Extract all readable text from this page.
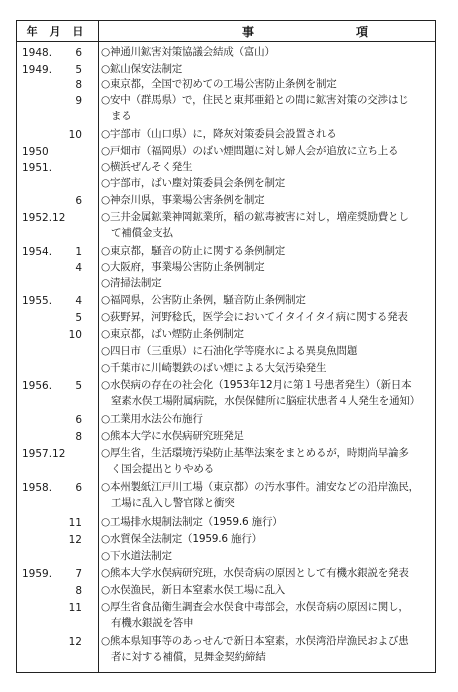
年 月 日	事	項
1948.	6 ○神通川鉱害対策協議会結成（富山）
1949.	5 ○鉱山保安法制定
8 ○東京都，全国で初めての工場公害防止条例を制定
9 ○安中（群馬県）で，住民と東邦亜鉛との間に鉱害対策の交渉はじ
まる
10 ○宇部市（山口県）に，降灰対策委員会設置される
1950	○戸畑市（福岡県）のばい煙問題に対し婦人会が追放に立ち上る
1951.	○横浜ぜんそく発生
○宇部市，ばい塵対策委員会条例を制定
6 ○神奈川県，事業場公害条例を制定
1952.12	○三井金属鉱業神岡鉱業所，稲の鉱毒被害に対し，増産奨励費とし
て補償金支払
1954.	1 ○東京都，騒音の防止に関する条例制定
4 ○大阪府，事業場公害防止条例制定
○清掃法制定
1955.	4 ○福岡県，公害防止条例，騒音防止条例制定
5 ○荻野昇，河野稔氏，医学会においてイタイイタイ病に関する発表
10 ○東京都，ばい煙防止条例制定
○四日市（三重県）に石油化学等廃水による異臭魚問題
○千葉市に川崎製鉄のばい煙による大気汚染発生
1956.	5 ○水俣病の存在の社会化（1953年12月に第１号患者発生）（新日本
窒素水俣工場附属病院，水俣保健所に脳症状患者４人発生を通知）
6 ○工業用水法公布施行
8 ○熊本大学に水俣病研究班発足
1957.12	○厚生省，生活環境汚染防止基準法案をまとめるが，時期尚早論多
く国会提出とりやめる
1958.	6 ○本州製紙江戸川工場（東京都）の汚水事件。浦安などの沿岸漁民，
工場に乱入し警官隊と衝突
11 ○工場排水規制法制定（1959.6 施行）
12 ○水質保全法制定（1959.6 施行）
○下水道法制定
1959.	7 ○熊本大学水俣病研究班，水俣奇病の原因として有機水銀説を発表
8 ○水俣漁民，新日本窒素水俣工場に乱入
11 ○厚生省食品衛生調査会水俣食中毒部会，水俣奇病の原因に関し，
有機水銀説を答申
12 ○熊本県知事等のあっせんで新日本窒素，水俣湾沿岸漁民および患
者に対する補償，見舞金契約締結
